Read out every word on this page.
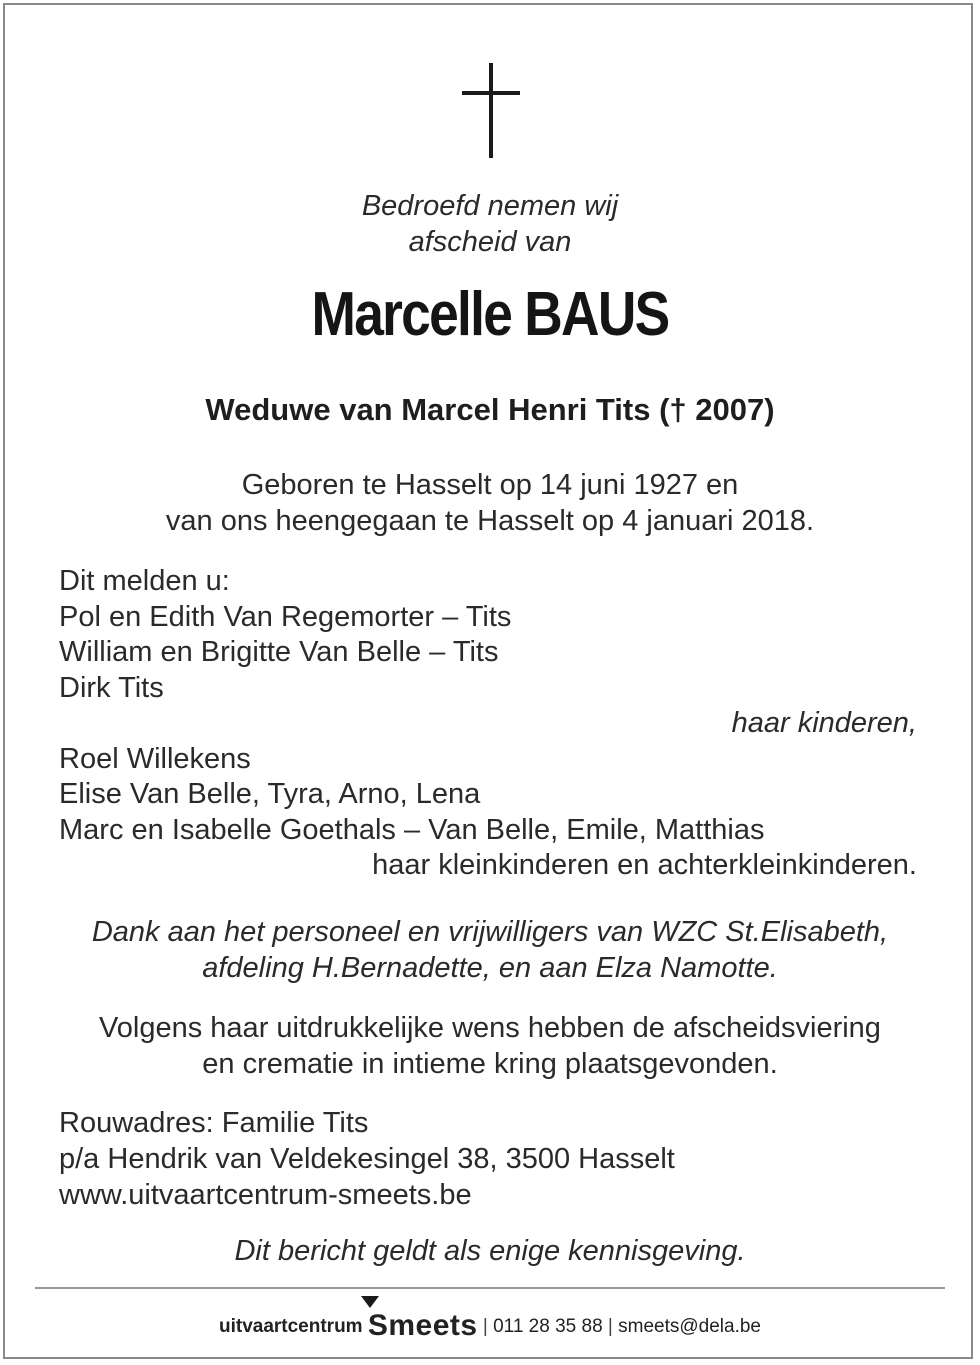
Bedroefd nemen wij
afscheid van
Marcelle BAUS
Weduwe van Marcel Henri Tits († 2007)
Geboren te Hasselt op 14 juni 1927 en
van ons heengegaan te Hasselt op 4 januari 2018.
Dit melden u:
Pol en Edith Van Regemorter – Tits
William en Brigitte Van Belle – Tits
Dirk Tits
haar kinderen,
Roel Willekens
Elise Van Belle, Tyra, Arno, Lena
Marc en Isabelle Goethals – Van Belle, Emile, Matthias
haar kleinkinderen en achterkleinkinderen.
Dank aan het personeel en vrijwilligers van WZC St.Elisabeth,
afdeling H.Bernadette, en aan Elza Namotte.
Volgens haar uitdrukkelijke wens hebben de afscheidsviering
en crematie in intieme kring plaatsgevonden.
Rouwadres: Familie Tits
p/a Hendrik van Veldekesingel 38, 3500 Hasselt
www.uitvaartcentrum-smeets.be
Dit bericht geldt als enige kennisgeving.
uitvaartcentrum Smeets | 011 28 35 88 | smeets@dela.be
